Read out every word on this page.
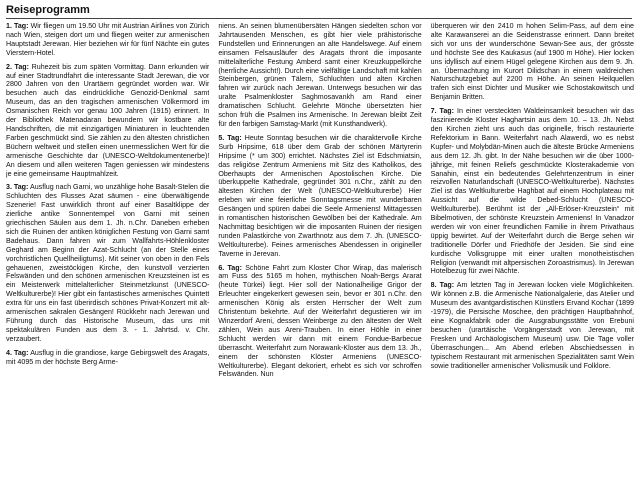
Reiseprogramm

1. Tag: Wir fliegen um 19.50 Uhr mit Austrian Airlines von Zürich nach Wien, steigen dort um und fliegen weiter zur armenischen Hauptstadt Jerewan. Hier beziehen wir für fünf Nächte ein gutes Vierstern-Hotel.

2. Tag: Ruhezeit bis zum späten Vormittag. Dann erkunden wir auf einer Stadtrundfahrt die interessante Stadt Jerewan, die vor 2800 Jahren von den Urartäern gegründet worden war. Wir besuchen auch das eindrückliche Genozid-Denkmal samt Museum, das an den tragischen armenischen Völkermord im Osmanischen Reich vor genau 100 Jahren (1915) erinnert. In der Bibliothek Matenadaran bewundern wir kostbare alte Handschriften, die mit einzigartigen Miniaturen in leuchtenden Farben geschmückt sind. Sie zählen zu den ältesten christlichen Büchern weltweit und stellen einen unermesslichen Wert für die armenische Geschichte dar (UNESCO-Weltdokumentenerbe)! An diesem und allen weiteren Tagen geniessen wir mindestens je eine gemeinsame Hauptmahlzeit.

3. Tag: Ausflug nach Garni, wo unzählige hohe Basalt-Stelen die Schluchten des Flusses Azat säumen - eine überwältigende Szenerie! Fast unwirklich thront auf einer Basaltklippe der zierliche antike Sonnentempel von Garni mit seinen griechischen Säulen aus dem 1. Jh. n.Chr. Daneben erheben sich die Ruinen der antiken königlichen Festung von Garni samt Badehaus. Dann fahren wir zum Wallfahrts-Höhlenkloster Geghard am Beginn der Azat-Schlucht (an der Stelle eines vorchristlichen Quellheiligtums). Mit seiner von oben in den Fels gehauenen, zweistöckigen Kirche, den kunstvoll verzierten Felswänden und den schönen armenischen Kreuzsteinen ist es ein Meisterwerk mittelalterlicher Steinmetzkunst (UNESCO-Weltkulturerbe)! Hier gibt ein fantastisches armenisches Quintett extra für uns ein fast überirdisch schönes Privat-Konzert mit alt-armenischen sakralen Gesängen! Rückkehr nach Jerewan und Führung durch das Historische Museum, das uns mit spektakulären Funden aus dem 3. - 1. Jahrtsd. v. Chr. verzaubert.

4. Tag: Ausflug in die grandiose, karge Gebirgswelt des Aragats, mit 4095 m der höchste Berg Arme-

niens. An seinen blumenübersäten Hängen siedelten schon vor Jahrtausenden Menschen, es gibt hier viele prähistorische Fundstellen und Erinnerungen an alte Handelswege. Auf einem einsamen Felsausläufer des Aragats thront die imposante mittelalterliche Festung Amberd samt einer Kreuzkuppelkirche (herrliche Aussicht!). Durch eine vielfältige Landschaft mit kahlen Steinbergen, grünen Tälern, Schluchten und alten Kirchen fahren wir zurück nach Jerewan. Unterwegs besuchen wir das uralte Psalmenkloster Saghmosavankh am Rand einer dramatischen Schlucht. Gelehrte Mönche übersetzten hier schon früh die Psalmen ins Armenische. In Jerewan bleibt Zeit für den farbigen Samstag-Markt (mit Kunsthandwerk).

5. Tag: Heute Sonntag besuchen wir die charaktervolle Kirche Surb Hripsime, 618 über dem Grab der schönen Märtyrerin Hripsime (* um 300) errichtet. Nächstes Ziel ist Edschmiatsin, das religiöse Zentrum Armeniens mit Sitz des Katholikos, des Oberhaupts der Armenischen Apostolischen Kirche. Die überkuppelte Kathedrale, gegründet 301 n.Chr., zählt zu den ältesten Kirchen der Welt (UNESCO-Weltkulturerbe) Hier erleben wir eine feierliche Sonntagsmesse mit wunderbaren Gesängen und spüren dabei die Seele Armeniens! Mittagessen in romantischen historischen Gewölben bei der Kathedrale. Am Nachmittag besichtigen wir die imposanten Ruinen der riesigen runden Palastkirche von Zwarthnotz aus dem 7. Jh. (UNESCO-Weltkulturerbe). Feines armenisches Abendessen in origineller Taverne in Jerevan.

6. Tag: Schöne Fahrt zum Kloster Chor Wirap, das malerisch am Fuss des 5165 m hohen, mythischen Noah-Bergs Ararat (heute Türkei) liegt. Hier soll der Nationalheilige Grigor der Erleuchter eingekerkert gewesen sein, bevor er 301 n.Chr. den armenischen König als ersten Herrscher der Welt zum Christentum bekehrte. Auf der Weiterfahrt degustieren wir im Winzerdorf Areni, dessen Weinberge zu den ältesten der Welt zählen, Wein aus Areni-Trauben. In einer Höhle in einer Schlucht werden wir dann mit einem Fondue-Barbecue überrascht. Weiterfahrt zum Norawank-Kloster aus dem 13. Jh., einem der schönsten Klöster Armeniens (UNESCO-Weltkulturerbe). Elegant dekoriert, erhebt es sich vor schroffen Felswänden. Nun

überqueren wir den 2410 m hohen Selim-Pass, auf dem eine alte Karawanserei an die Seidenstrasse erinnert. Dann breitet sich vor uns der wunderschöne Sewan-See aus, der grösste und höchste See des Kaukasus (auf 1900 m Höhe). Hier locken uns idyllisch auf einem Hügel gelegene Kirchen aus dem 9. Jh. an. Übernachtung im Kurort Dilidschan in einem waldreichen Naturschutzgebiet auf 2200 m Höhe. An seinen Heilquellen trafen sich einst Dichter und Musiker wie Schostakowitsch und Benjamin Britten.

7. Tag: In einer versteckten Waldeinsamkeit besuchen wir das faszinierende Kloster Haghartsin aus dem 10. – 13. Jh. Nebst den Kirchen zieht uns auch das originelle, frisch restaurierte Refektorium in Bann. Weiterfahrt nach Alawerdi, wo es nebst Kupfer- und Molybdän-Minen auch die älteste Brücke Armeniens aus dem 12. Jh. gibt. In der Nähe besuchen wir die über 1000-jährige, mit feinen Reliefs geschmückte Klosterakademie von Sanahin, einst ein bedeutendes Gelehrtenzentrum in einer reizvollen Naturlandschaft (UNESCO-Weltkulturerbe). Nächstes Ziel ist das Weltkulturerbe Haghbat auf einem Hochplateau mit Aussicht auf die wilde Debed-Schlucht (UNESCO-Weltkulturerbe). Berühmt ist der „All-Erlöser-Kreuzstein“ mit Bibelmotiven, der schönste Kreuzstein Armeniens! In Vanadzor werden wir von einer freundlichen Familie in ihrem Privathaus üppig bewirtet. Auf der Weiterfahrt durch die Berge sehen wir traditionelle Dörfer und Friedhöfe der Jesiden. Sie sind eine kurdische Volksgruppe mit einer uralten monotheistischen Religion (verwandt mit altpersischen Zoroastrismus). In Jerewan Hotelbezug für zwei Nächte.

8. Tag: Am letzten Tag in Jerewan locken viele Möglichkeiten. Wir können z.B. die Armenische Nationalgalerie, das Atelier und Museum des avantgardistischen Künstlers Ervand Kochar (1899 -1979), die Persische Moschee, den prächtigen Hauptbahnhof, eine Kognakfabrik oder die Ausgrabungsstätte von Erebuni besuchen (urartäische Vorgängerstadt von Jerewan, mit Fresken und Archäologischem Museum) usw. Die Tage voller Überraschungen... Am Abend erleben Abschiedsessen in typischem Restaurant mit armenischen Spezialitäten samt Wein sowie traditioneller armenischer Volksmusik und Folklore.
